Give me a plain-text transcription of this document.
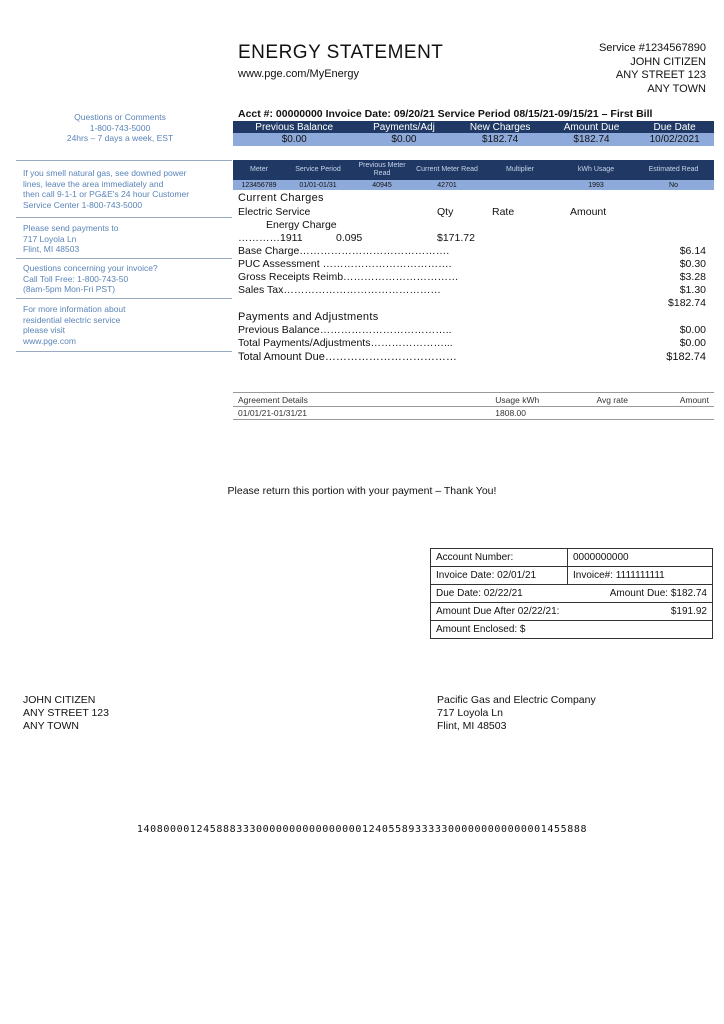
ENERGY STATEMENT
www.pge.com/MyEnergy
Service #1234567890
JOHN CITIZEN
ANY STREET 123
ANY TOWN
Questions or Comments
1-800-743-5000
24hrs – 7 days a week, EST
If you smell natural gas, see downed power
lines, leave the area immediately and
then call 9-1-1 or PG&E's 24 hour Customer
Service Center 1-800-743-5000
Please send payments to
717 Loyola Ln
Flint, MI 48503
Questions concerning your invoice?
Call Toll Free: 1-800-743-50
(8am-5pm Mon-Fri PST)
For more information about
residential electric service
please visit
www.pge.com
Acct #: 00000000 Invoice Date: 09/20/21 Service Period 08/15/21-09/15/21 – First Bill
Previous Balance	Payments/Adj	New Charges	Amount Due	Due Date
$0.00	$0.00	$182.74	$182.74	10/02/2021
Meter	Service Period	Previous Meter Read	Current Meter Read	Multiplier	kWh Usage	Estimated Read
123456789	01/01-01/31	40945	42701		1993	No
Current Charges
Electric Service	Qty	Rate	Amount
Energy Charge
…………1911	0.095	$171.72
Base Charge…………………………………….	$6.14
PUC Assessment ……………………………….	$0.30
Gross Receipts Reimb……………………………	$3.28
Sales Tax………………………………………	$1.30
$182.74
Payments and Adjustments
Previous Balance………………………………..	$0.00
Total Payments/Adjustments…………………...	$0.00
Total Amount Due………………………………	$182.74
Agreement Details	Usage kWh	Avg rate	Amount
01/01/21-01/31/21	1808.00		
Please return this portion with your payment – Thank You!
Account Number:	0000000000
Invoice Date: 02/01/21	Invoice#: 1111111111
Due Date: 02/22/21	Amount Due: $182.74
Amount Due After 02/22/21:	$191.92
Amount Enclosed: $	
JOHN CITIZEN
ANY STREET 123
ANY TOWN
Pacific Gas and Electric Company
717 Loyola Ln
Flint, MI 48503
14080000124588833300000000000000001240558933333000000000000001455888
